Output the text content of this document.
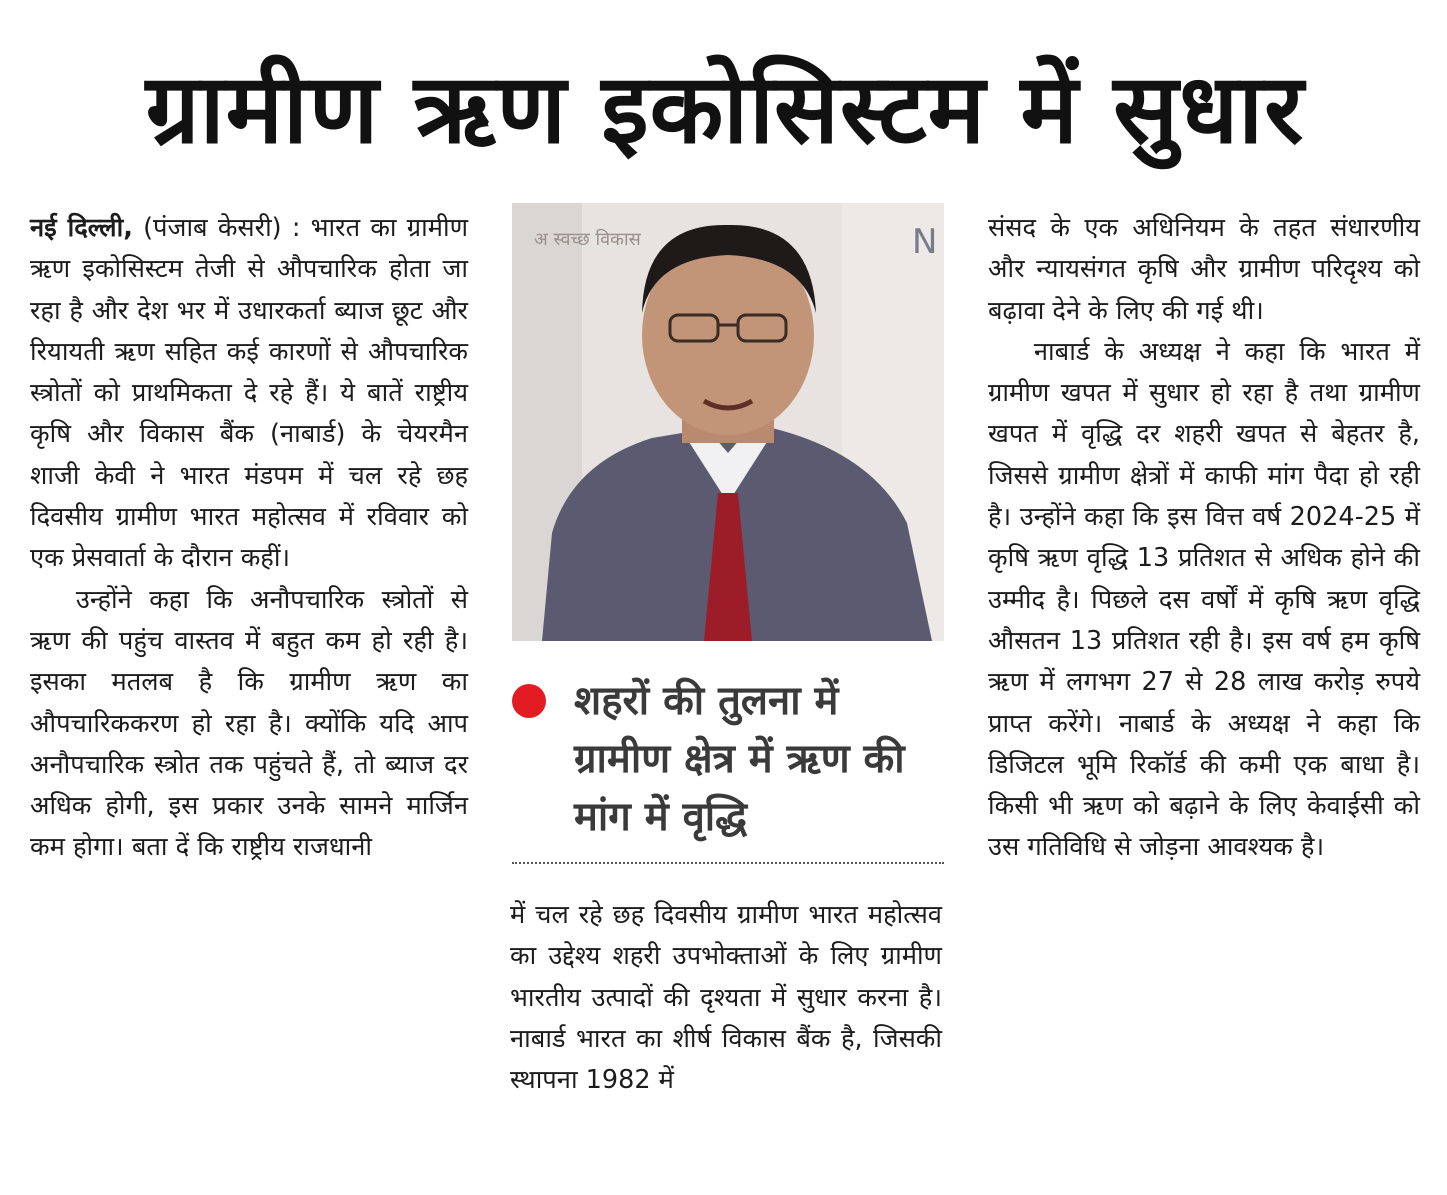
ग्रामीण ऋण इकोसिस्टम में सुधार

नई दिल्ली, (पंजाब केसरी) : भारत का ग्रामीण ऋण इकोसिस्टम तेजी से औपचारिक होता जा रहा है और देश भर में उधारकर्ता ब्याज छूट और रियायती ऋण सहित कई कारणों से औपचारिक स्त्रोतों को प्राथमिकता दे रहे हैं। ये बातें राष्ट्रीय कृषि और विकास बैंक (नाबार्ड) के चेयरमैन शाजी केवी ने भारत मंडपम में चल रहे छह दिवसीय ग्रामीण भारत महोत्सव में रविवार को एक प्रेसवार्ता के दौरान कहीं।

उन्होंने कहा कि अनौपचारिक स्त्रोतों से ऋण की पहुंच वास्तव में बहुत कम हो रही है। इसका मतलब है कि ग्रामीण ऋण का औपचारिककरण हो रहा है। क्योंकि यदि आप अनौपचारिक स्त्रोत तक पहुंचते हैं, तो ब्याज दर अधिक होगी, इस प्रकार उनके सामने मार्जिन कम होगा। बता दें कि राष्ट्रीय राजधानी

अ स्वच्छ विकास	N
शहरों की तुलना में ग्रामीण क्षेत्र में ऋण की मांग में वृद्धि

में चल रहे छह दिवसीय ग्रामीण भारत महोत्सव का उद्देश्य शहरी उपभोक्ताओं के लिए ग्रामीण भारतीय उत्पादों की दृश्यता में सुधार करना है। नाबार्ड भारत का शीर्ष विकास बैंक है, जिसकी स्थापना 1982 में

संसद के एक अधिनियम के तहत संधारणीय और न्यायसंगत कृषि और ग्रामीण परिदृश्य को बढ़ावा देने के लिए की गई थी।

नाबार्ड के अध्यक्ष ने कहा कि भारत में ग्रामीण खपत में सुधार हो रहा है तथा ग्रामीण खपत में वृद्धि दर शहरी खपत से बेहतर है, जिससे ग्रामीण क्षेत्रों में काफी मांग पैदा हो रही है। उन्होंने कहा कि इस वित्त वर्ष 2024-25 में कृषि ऋण वृद्धि 13 प्रतिशत से अधिक होने की उम्मीद है। पिछले दस वर्षों में कृषि ऋण वृद्धि औसतन 13 प्रतिशत रही है। इस वर्ष हम कृषि ऋण में लगभग 27 से 28 लाख करोड़ रुपये प्राप्त करेंगे। नाबार्ड के अध्यक्ष ने कहा कि डिजिटल भूमि रिकॉर्ड की कमी एक बाधा है। किसी भी ऋण को बढ़ाने के लिए केवाईसी को उस गतिविधि से जोड़ना आवश्यक है।
